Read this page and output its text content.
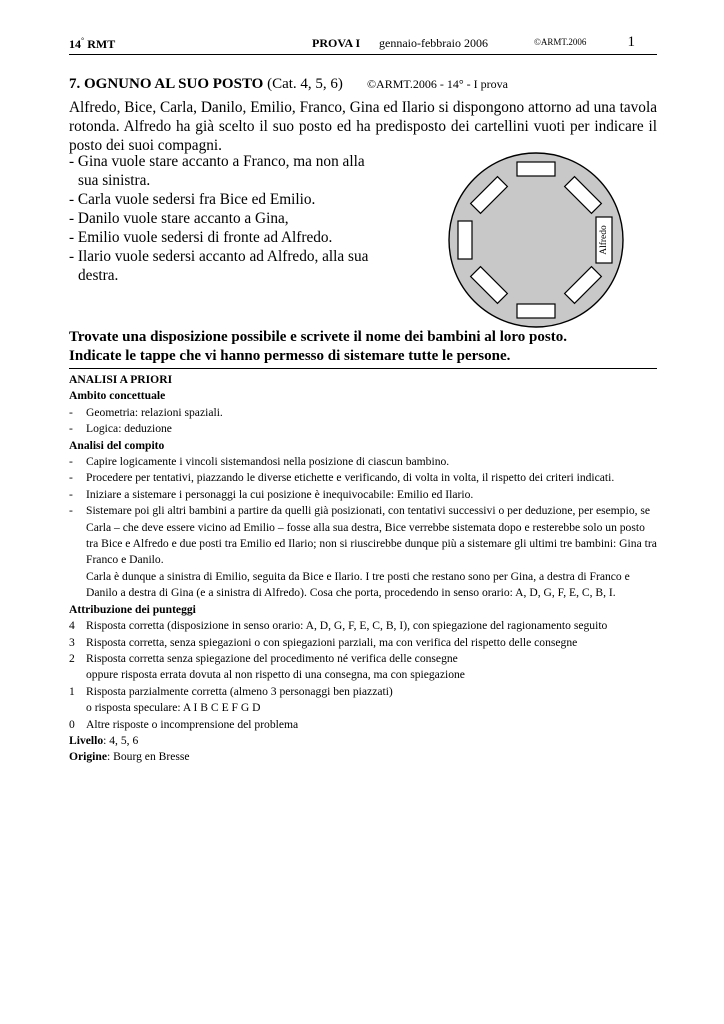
14° RMT	PROVA I gennaio-febbraio 2006	©ARMT.2006	1
7. OGNUNO AL SUO POSTO (Cat. 4, 5, 6) ©ARMT.2006 - 14° - I prova
Alfredo, Bice, Carla, Danilo, Emilio, Franco, Gina ed Ilario si dispongono attorno ad una tavola rotonda. Alfredo ha già scelto il suo posto ed ha predisposto dei cartellini vuoti per indicare il posto dei suoi compagni.
- Gina vuole stare accanto a Franco, ma non alla sua sinistra.
- Carla vuole sedersi fra Bice ed Emilio.
- Danilo vuole stare accanto a Gina,
- Emilio vuole sedersi di fronte ad Alfredo.
- Ilario vuole sedersi accanto ad Alfredo, alla sua destra.
Alfredo
Trovate una disposizione possibile e scrivete il nome dei bambini al loro posto.
Indicate le tappe che vi hanno permesso di sistemare tutte le persone.
ANALISI A PRIORI
Ambito concettuale
- Geometria: relazioni spaziali.
- Logica: deduzione
Analisi del compito
- Capire logicamente i vincoli sistemandosi nella posizione di ciascun bambino.
- Procedere per tentativi, piazzando le diverse etichette e verificando, di volta in volta, il rispetto dei criteri indicati.
- Iniziare a sistemare i personaggi la cui posizione è inequivocabile: Emilio ed Ilario.
- Sistemare poi gli altri bambini a partire da quelli già posizionati, con tentativi successivi o per deduzione, per esempio, se Carla – che deve essere vicino ad Emilio – fosse alla sua destra, Bice verrebbe sistemata dopo e resterebbe solo un posto tra Bice e Alfredo e due posti tra Emilio ed Ilario; non si riuscirebbe dunque più a sistemare gli ultimi tre bambini: Gina tra Franco e Danilo.
Carla è dunque a sinistra di Emilio, seguita da Bice e Ilario. I tre posti che restano sono per Gina, a destra di Franco e Danilo a destra di Gina (e a sinistra di Alfredo). Cosa che porta, procedendo in senso orario: A, D, G, F, E, C, B, I.
Attribuzione dei punteggi
4 Risposta corretta (disposizione in senso orario: A, D, G, F, E, C, B, I), con spiegazione del ragionamento seguito
3 Risposta corretta, senza spiegazioni o con spiegazioni parziali, ma con verifica del rispetto delle consegne
2 Risposta corretta senza spiegazione del procedimento né verifica delle consegne
oppure risposta errata dovuta al non rispetto di una consegna, ma con spiegazione
1 Risposta parzialmente corretta (almeno 3 personaggi ben piazzati)
o risposta speculare: A I B C E F G D
0 Altre risposte o incomprensione del problema
Livello: 4, 5, 6
Origine: Bourg en Bresse
